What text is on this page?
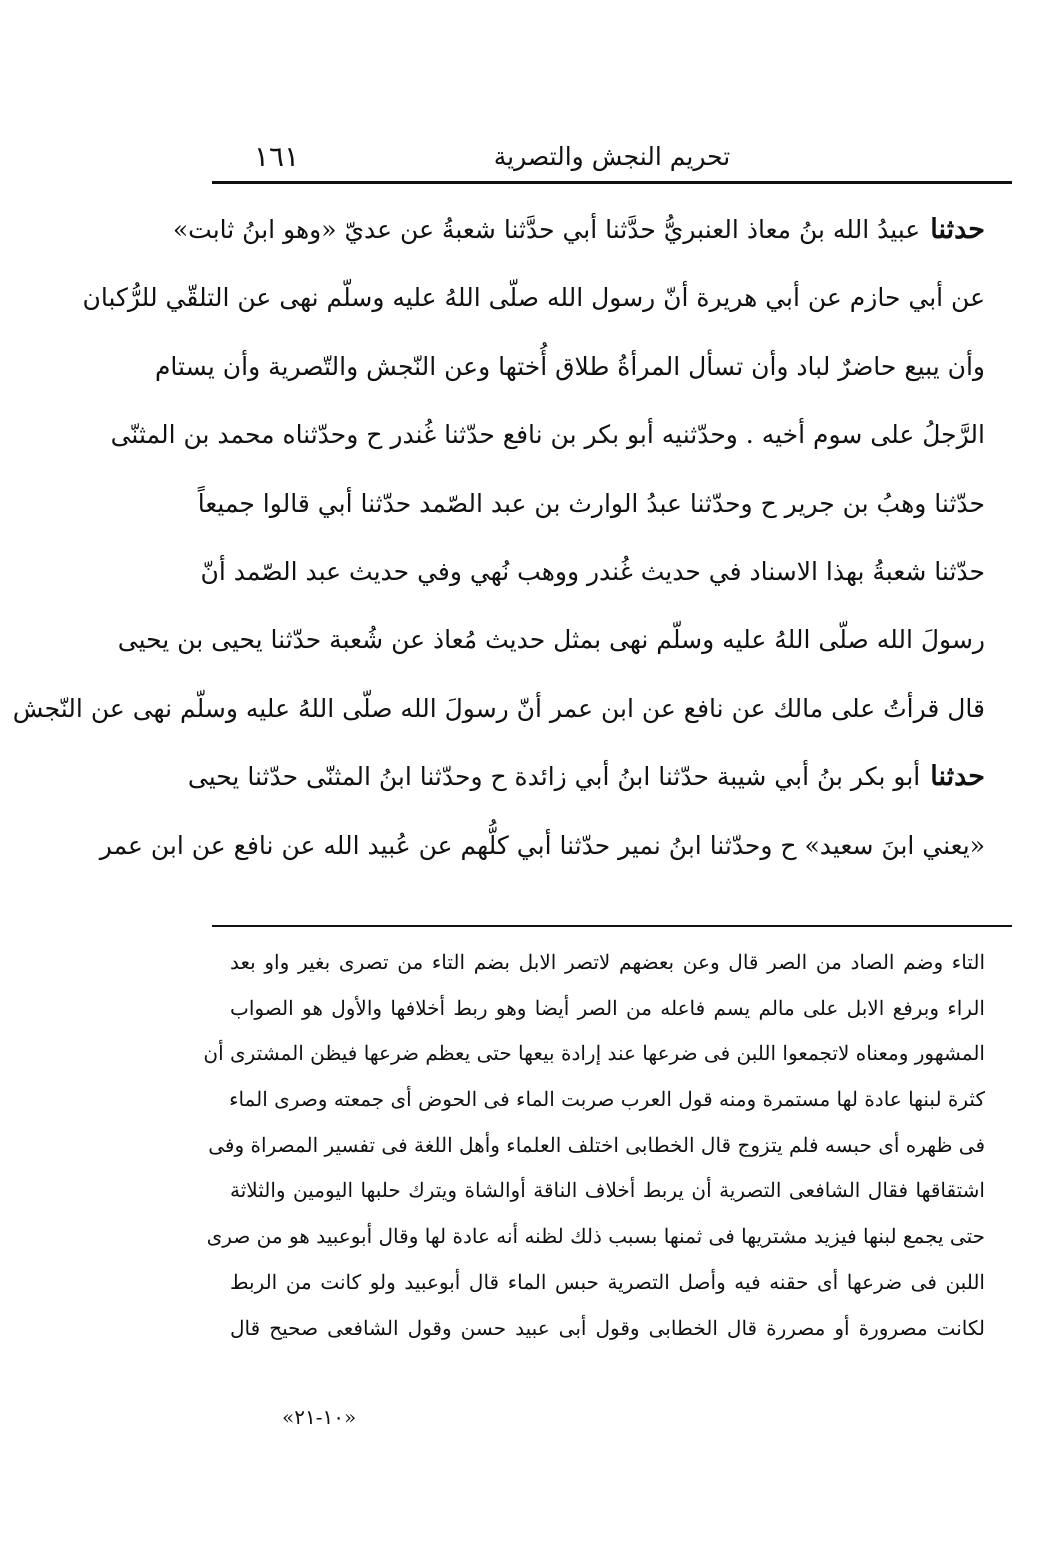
تحريم النجش والتصرية
١٦١
حدثناعبيدُ الله بنُ معاذ العنبريُّ حدَّثنا أبي حدَّثنا شعبةُ عن عديّ «وهو ابنُ ثابت»
عن أبي حازم عن أبي هريرة أنّ رسول الله صلّى اللهُ عليه وسلّم نهى عن التلقّي للرُّكبان
وأن يبيع حاضرٌ لباد وأن تسأل المرأةُ طلاق أُختها وعن النّجش والتّصرية وأن يستام
الرَّجلُ على سوم أخيه . وحدّثنيه أبو بكر بن نافع حدّثنا غُندر ح وحدّثناه محمد بن المثنّى
حدّثنا وهبُ بن جرير ح وحدّثنا عبدُ الوارث بن عبد الصّمد حدّثنا أبي قالوا جميعاً
حدّثنا شعبةُ بهذا الاسناد في حديث غُندر ووهب نُهي وفي حديث عبد الصّمد أنّ
رسولَ الله صلّى اللهُ عليه وسلّم نهى بمثل حديث مُعاذ عن شُعبة حدّثنا يحيى بن يحيى
قال قرأتُ على مالك عن نافع عن ابن عمر أنّ رسولَ الله صلّى اللهُ عليه وسلّم نهى عن النّجش
حدثناأبو بكر بنُ أبي شيبة حدّثنا ابنُ أبي زائدة ح وحدّثنا ابنُ المثنّى حدّثنا يحيى
«يعني ابنَ سعيد» ح وحدّثنا ابنُ نمير حدّثنا أبي كلُّهم عن عُبيد الله عن نافع عن ابن عمر
التاء وضم الصاد من الصر قال وعن بعضهم لاتصر الابل بضم التاء من تصرى بغير واو بعد
الراء وبرفع الابل على مالم يسم فاعله من الصر أيضا وهو ربط أخلافها والأول هو الصواب
المشهور ومعناه لاتجمعوا اللبن فى ضرعها عند إرادة بيعها حتى يعظم ضرعها فيظن المشترى أن
كثرة لبنها عادة لها مستمرة ومنه قول العرب صربت الماء فى الحوض أى جمعته وصرى الماء
فى ظهره أى حبسه فلم يتزوج قال الخطابى اختلف العلماء وأهل اللغة فى تفسير المصراة وفى
اشتقاقها فقال الشافعى التصرية أن يربط أخلاف الناقة أوالشاة ويترك حلبها اليومين والثلاثة
حتى يجمع لبنها فيزيد مشتريها فى ثمنها بسبب ذلك لظنه أنه عادة لها وقال أبوعبيد هو من صرى
اللبن فى ضرعها أى حقنه فيه وأصل التصرية حبس الماء قال أبوعبيد ولو كانت من الربط
لكانت مصرورة أو مصررة قال الخطابى وقول أبى عبيد حسن وقول الشافعى صحيح قال
«١٠-٢١»
